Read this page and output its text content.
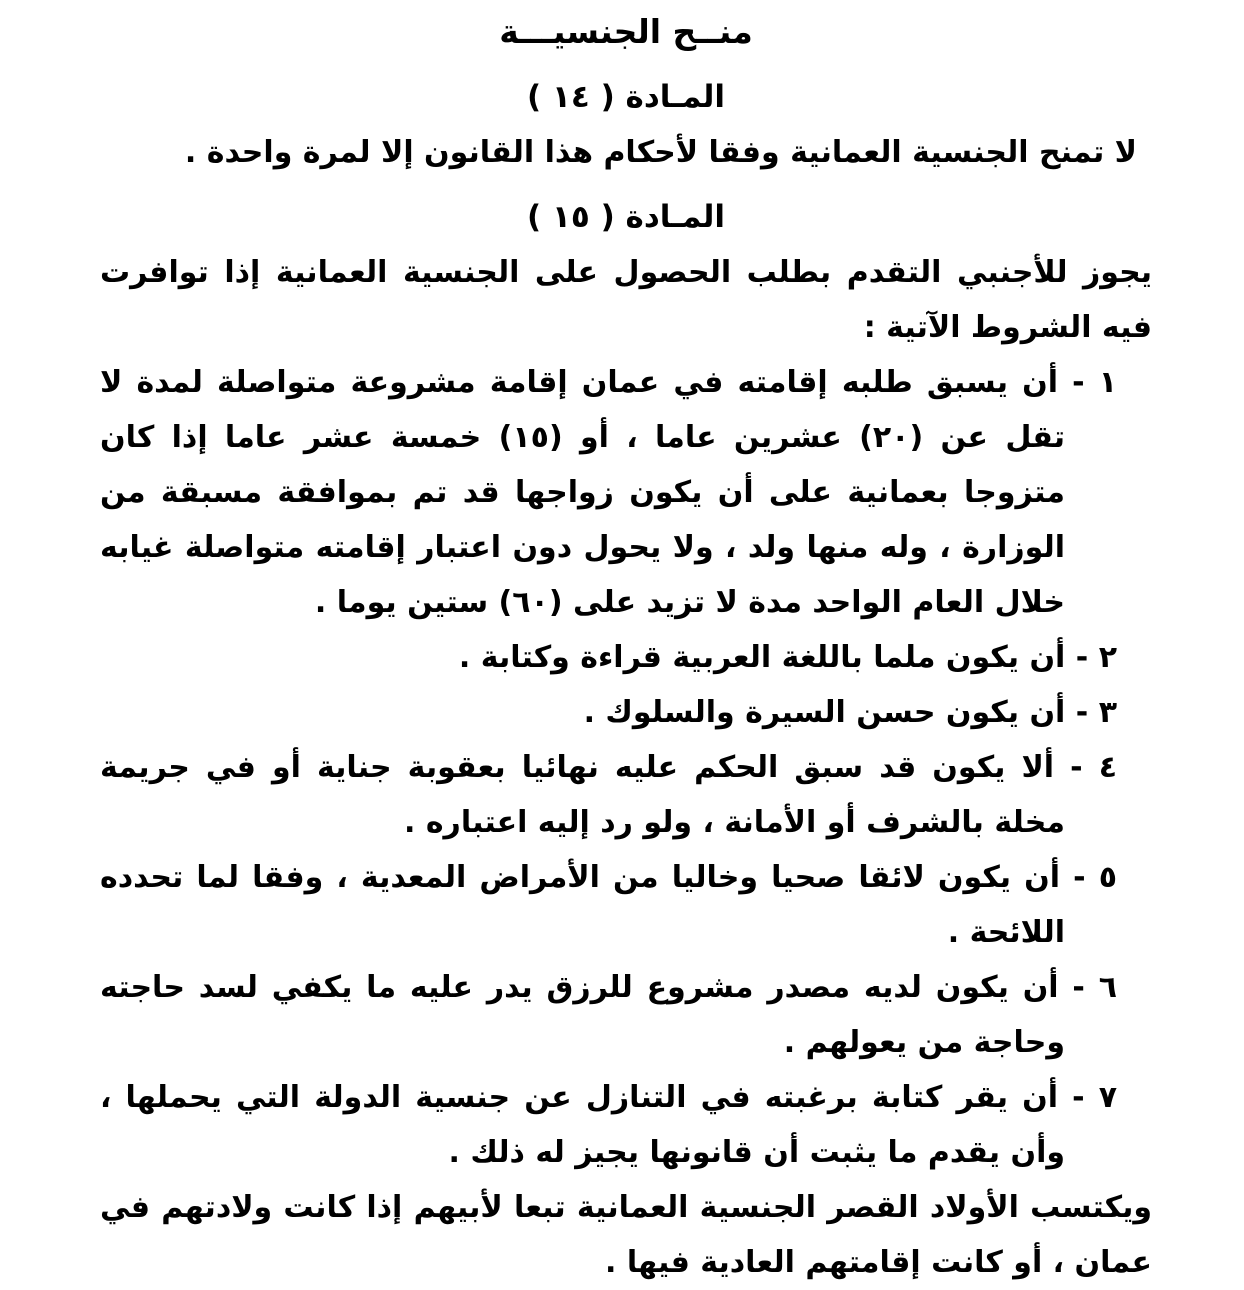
منــح الجنسيـــة
المـادة ( ١٤ )

لا تمنح الجنسية العمانية وفقا لأحكام هذا القانون إلا لمرة واحدة .

المـادة ( ١٥ )

يجوز للأجنبي التقدم بطلب الحصول على الجنسية العمانية إذا توافرت فيه الشروط الآتية :

١ - أن يسبق طلبه إقامته في عمان إقامة مشروعة متواصلة لمدة لا تقل عن (٢٠) عشرين عاما ، أو (١٥) خمسة عشر عاما إذا كان متزوجا بعمانية على أن يكون زواجها قد تم بموافقة مسبقة من الوزارة ، وله منها ولد ، ولا يحول دون اعتبار إقامته متواصلة غيابه خلال العام الواحد مدة لا تزيد على (٦٠) ستين يوما .
٢ - أن يكون ملما باللغة العربية قراءة وكتابة .
٣ - أن يكون حسن السيرة والسلوك .
٤ - ألا يكون قد سبق الحكم عليه نهائيا بعقوبة جناية أو في جريمة مخلة بالشرف أو الأمانة ، ولو رد إليه اعتباره .
٥ - أن يكون لائقا صحيا وخاليا من الأمراض المعدية ، وفقا لما تحدده اللائحة .
٦ - أن يكون لديه مصدر مشروع للرزق يدر عليه ما يكفي لسد حاجته وحاجة من يعولهم .
٧ - أن يقر كتابة برغبته في التنازل عن جنسية الدولة التي يحملها ، وأن يقدم ما يثبت أن قانونها يجيز له ذلك .

ويكتسب الأولاد القصر الجنسية العمانية تبعا لأبيهم إذا كانت ولادتهم في عمان ، أو كانت إقامتهم العادية فيها .
